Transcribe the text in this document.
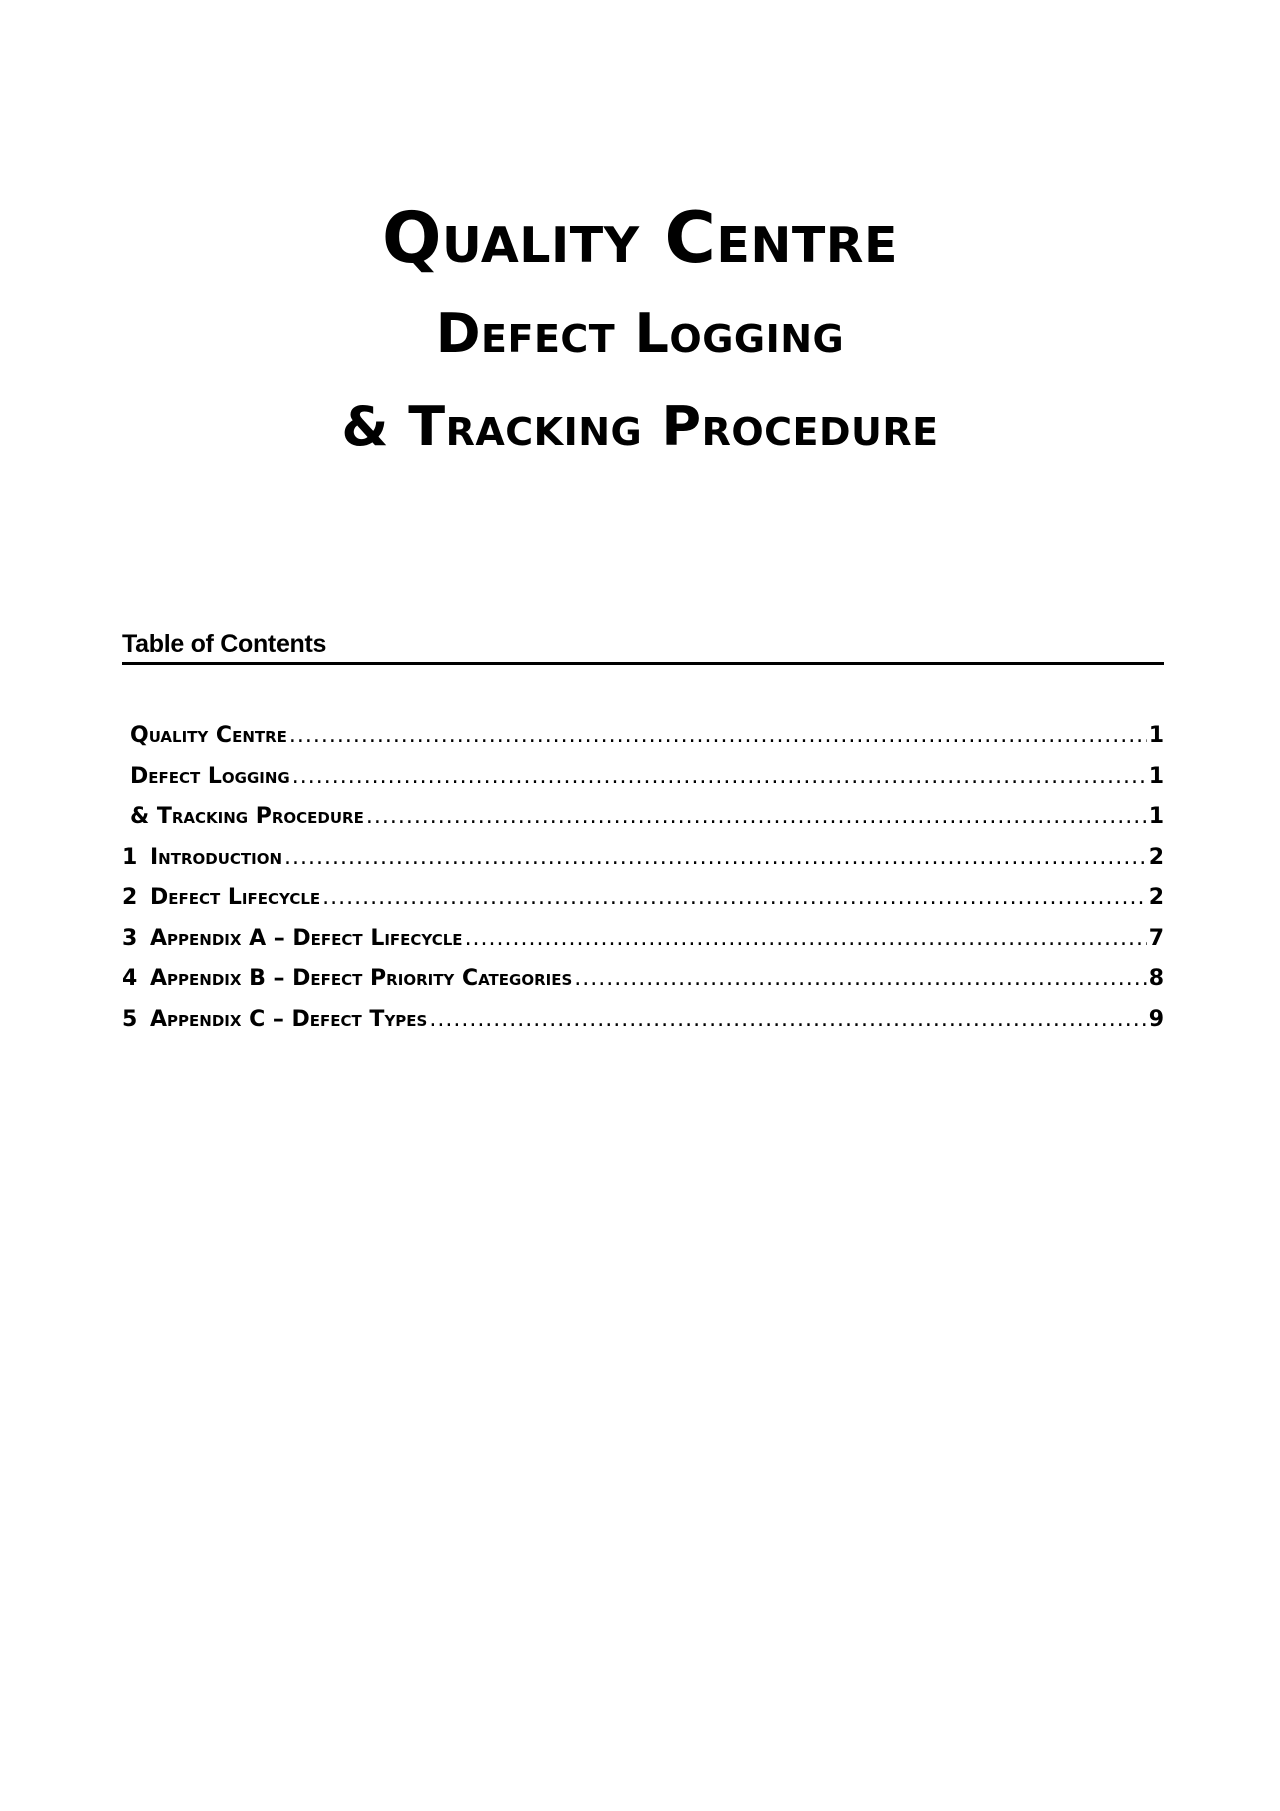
Quality Centre
Defect Logging
& Tracking Procedure
Table of Contents
Quality Centre .....	1
Defect Logging .....	1
& Tracking Procedure .....	1
1 Introduction .....	2
2 Defect Lifecycle .....	2
3 Appendix A – Defect Lifecycle .....	7
4 Appendix B – Defect Priority Categories .....	8
5 Appendix C – Defect Types .....	9
